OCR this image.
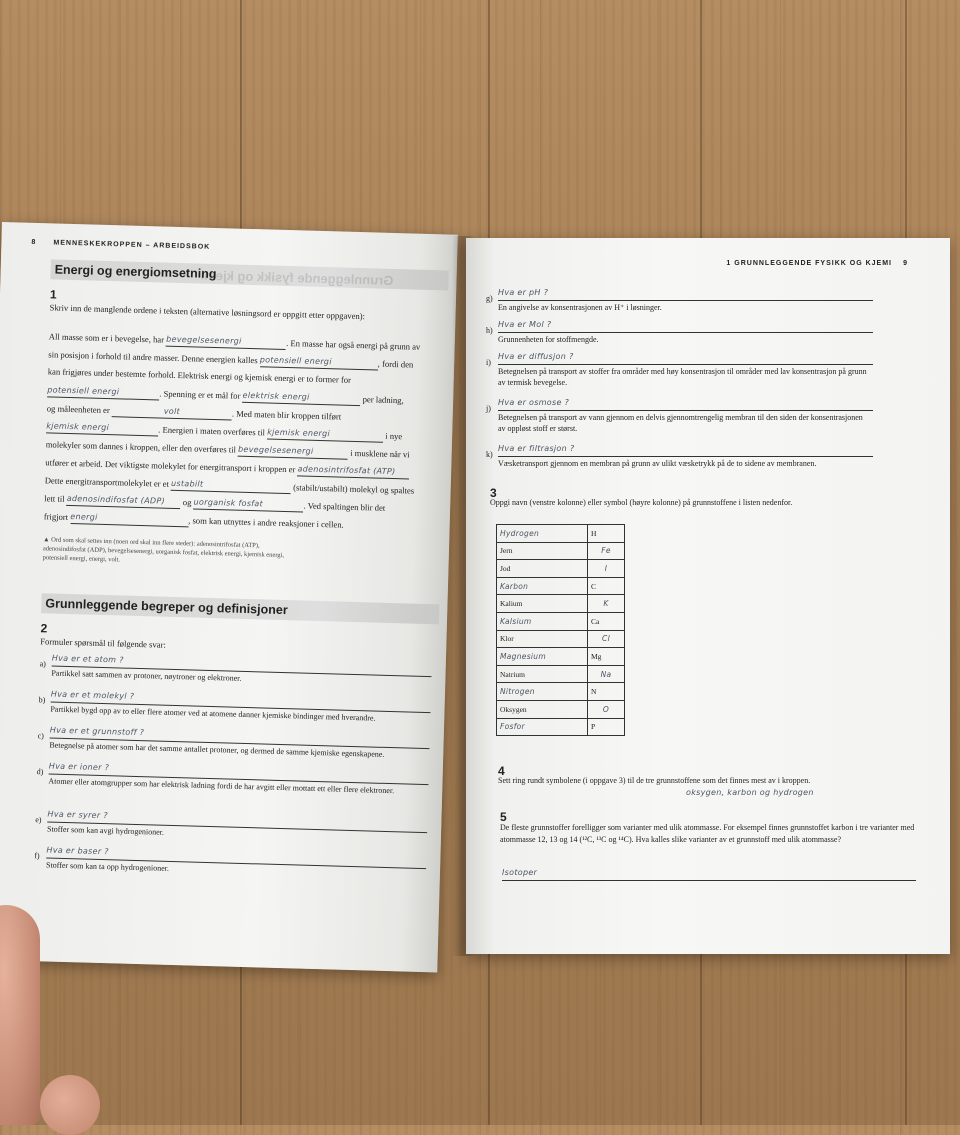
8 MENNESKEKROPPEN – ARBEIDSBOK
Energi og energiomsetning
Grunnleggende fysikk og kjemi
1
Skriv inn de manglende ordene i teksten (alternative løsningsord er oppgitt etter oppgaven):
All masse som er i bevegelse, har bevegelsesenergi	. En masse har også energi på grunn av
sin posisjon i forhold til andre masser. Denne energien kalles potensiell energi	, fordi den
kan frigjøres under bestemte forhold. Elektrisk energi og kjemisk energi er to former for
potensiell energi	. Spenning er et mål for elektrisk energi	per ladning,
og måleenheten er	volt	. Med maten blir kroppen tilført
kjemisk energi	. Energien i maten overføres til kjemisk energi	i nye
molekyler som dannes i kroppen, eller den overføres til bevegelsesenergi	i musklene når vi
utfører et arbeid. Det viktigste molekylet for energitransport i kroppen er adenosintrifosfat (ATP)
Dette energitransportmolekylet er et ustabilt	(stabilt/ustabilt) molekyl og spaltes
lett til adenosindifosfat (ADP) og uorganisk fosfat	. Ved spaltingen blir det
frigjort energi	, som kan utnyttes i andre reaksjoner i cellen.
▲ Ord som skal settes inn (noen ord skal inn flere steder): adenosintrifosfat (ATP), adenosindifosfat (ADP), bevegelsesenergi, uorganisk fosfat, elektrisk energi, kjemisk energi, potensiell energi, energi, volt.
Grunnleggende begreper og definisjoner
2
Formuler spørsmål til følgende svar:
a) Hva er et atom ?
Partikkel satt sammen av protoner, nøytroner og elektroner.
b) Hva er et molekyl ?
Partikkel bygd opp av to eller flere atomer ved at atomene danner kjemiske bindinger med hverandre.
c) Hva er et grunnstoff ?
Betegnelse på atomer som har det samme antallet protoner, og dermed de samme kjemiske egenskapene.
d) Hva er ioner ?
Atomer eller atomgrupper som har elektrisk ladning fordi de har avgitt eller mottatt ett eller flere elektroner.
e) Hva er syrer ?
Stoffer som kan avgi hydrogenioner.
f) Hva er baser ?
Stoffer som kan ta opp hydrogenioner.
1 GRUNNLEGGENDE FYSIKK OG KJEMI 9
g)
Hva er pH ?
En angivelse av konsentrasjonen av H⁺ i løsninger.
h)
Hva er Mol ?
Grunnenheten for stoffmengde.
i)
Hva er diffusjon ?
Betegnelsen på transport av stoffer fra områder med høy konsentrasjon til områder med lav konsentrasjon på grunn av termisk bevegelse.
j)
Hva er osmose ?
Betegnelsen på transport av vann gjennom en delvis gjennomtrengelig membran til den siden der konsentrasjonen av oppløst stoff er størst.
k)
Hva er filtrasjon ?
Væsketransport gjennom en membran på grunn av ulikt væsketrykk på de to sidene av membranen.
3
Oppgi navn (venstre kolonne) eller symbol (høyre kolonne) på grunnstoffene i listen nedenfor.
Hydrogen	H
Jern	Fe
Jod	I
Karbon	C
Kalium	K
Kalsium	Ca
Klor	Cl
Magnesium	Mg
Natrium	Na
Nitrogen	N
Oksygen	O
Fosfor	P
4
Sett ring rundt symbolene (i oppgave 3) til de tre grunnstoffene som det finnes mest av i kroppen.
oksygen, karbon og hydrogen
5
De fleste grunnstoffer forelligger som varianter med ulik atommasse. For eksempel finnes grunnstoffet karbon i tre varianter med atommasse 12, 13 og 14 (¹²C, ¹³C og ¹⁴C). Hva kalles slike varianter av et grunnstoff med ulik atommasse?
Isotoper
